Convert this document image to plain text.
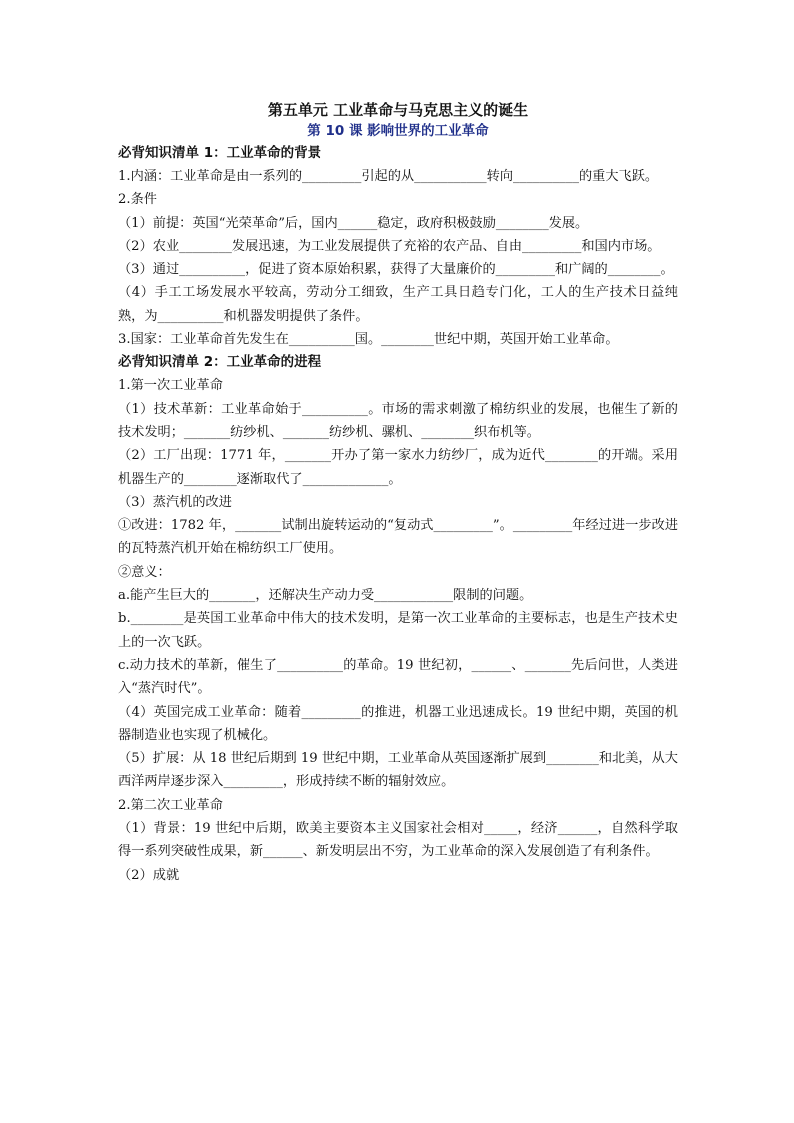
第五单元 工业革命与马克思主义的诞生

第 10 课 影响世界的工业革命

必背知识清单 1：工业革命的背景

1.内涵：工业革命是由一系列的_________引起的从___________转向__________的重大飞跃。

2.条件

（1）前提：英国“光荣革命”后，国内______稳定，政府积极鼓励________发展。

（2）农业________发展迅速，为工业发展提供了充裕的农产品、自由_________和国内市场。

（3）通过__________，促进了资本原始积累，获得了大量廉价的_________和广阔的________。

（4）手工工场发展水平较高，劳动分工细致，生产工具日趋专门化，工人的生产技术日益纯熟，为__________和机器发明提供了条件。

3.国家：工业革命首先发生在__________国。________世纪中期，英国开始工业革命。

必背知识清单 2：工业革命的进程

1.第一次工业革命

（1）技术革新：工业革命始于__________。市场的需求刺激了棉纺织业的发展，也催生了新的技术发明；_______纺纱机、_______纺纱机、骡机、________织布机等。

（2）工厂出现：1771 年，_______开办了第一家水力纺纱厂，成为近代________的开端。采用机器生产的________逐渐取代了_____________。

（3）蒸汽机的改进

①改进：1782 年，_______试制出旋转运动的“复动式_________”。_________年经过进一步改进的瓦特蒸汽机开始在棉纺织工厂使用。

②意义：

a.能产生巨大的_______，还解决生产动力受____________限制的问题。

b.________是英国工业革命中伟大的技术发明，是第一次工业革命的主要标志，也是生产技术史上的一次飞跃。

c.动力技术的革新，催生了__________的革命。19 世纪初，______、_______先后问世，人类进入“蒸汽时代”。

（4）英国完成工业革命：随着_________的推进，机器工业迅速成长。19 世纪中期，英国的机器制造业也实现了机械化。

（5）扩展：从 18 世纪后期到 19 世纪中期，工业革命从英国逐渐扩展到________和北美，从大西洋两岸逐步深入_________，形成持续不断的辐射效应。

2.第二次工业革命

（1）背景：19 世纪中后期，欧美主要资本主义国家社会相对_____，经济______，自然科学取得一系列突破性成果，新______、新发明层出不穷，为工业革命的深入发展创造了有利条件。

（2）成就
